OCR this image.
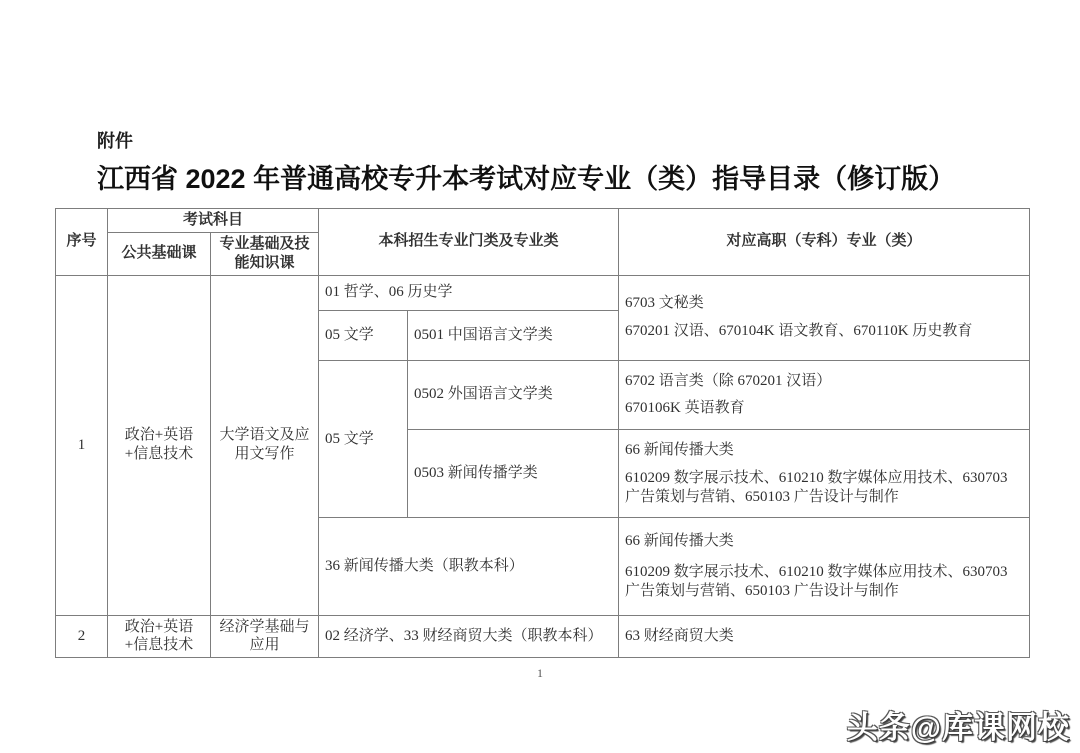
附件
江西省 2022 年普通高校专升本考试对应专业（类）指导目录（修订版）
序号	考试科目		本科招生专业门类及专业类		对应高职（专科）专业（类）
	公共基础课	专业基础及技能知识课			
1	政治+英语+信息技术	大学语文及应用文写作	01 哲学、06 历史学		6703 文秘类
670201 汉语、670104K 语文教育、670110K 历史教育

			05 文学	0501 中国语言文学类	
			05 文学	0502 外国语言文学类	6702 语言类（除 670201 汉语）
670106K 英语教育

				0503 新闻传播学类	66 新闻传播大类
610209 数字展示技术、610210 数字媒体应用技术、630703 广告策划与营销、650103 广告设计与制作

			36 新闻传播大类（职教本科）		66 新闻传播大类
610209 数字展示技术、610210 数字媒体应用技术、630703 广告策划与营销、650103 广告设计与制作

2	政治+英语+信息技术	经济学基础与应用	02 经济学、33 财经商贸大类（职教本科）		63 财经商贸大类
1
头条@库课网校
